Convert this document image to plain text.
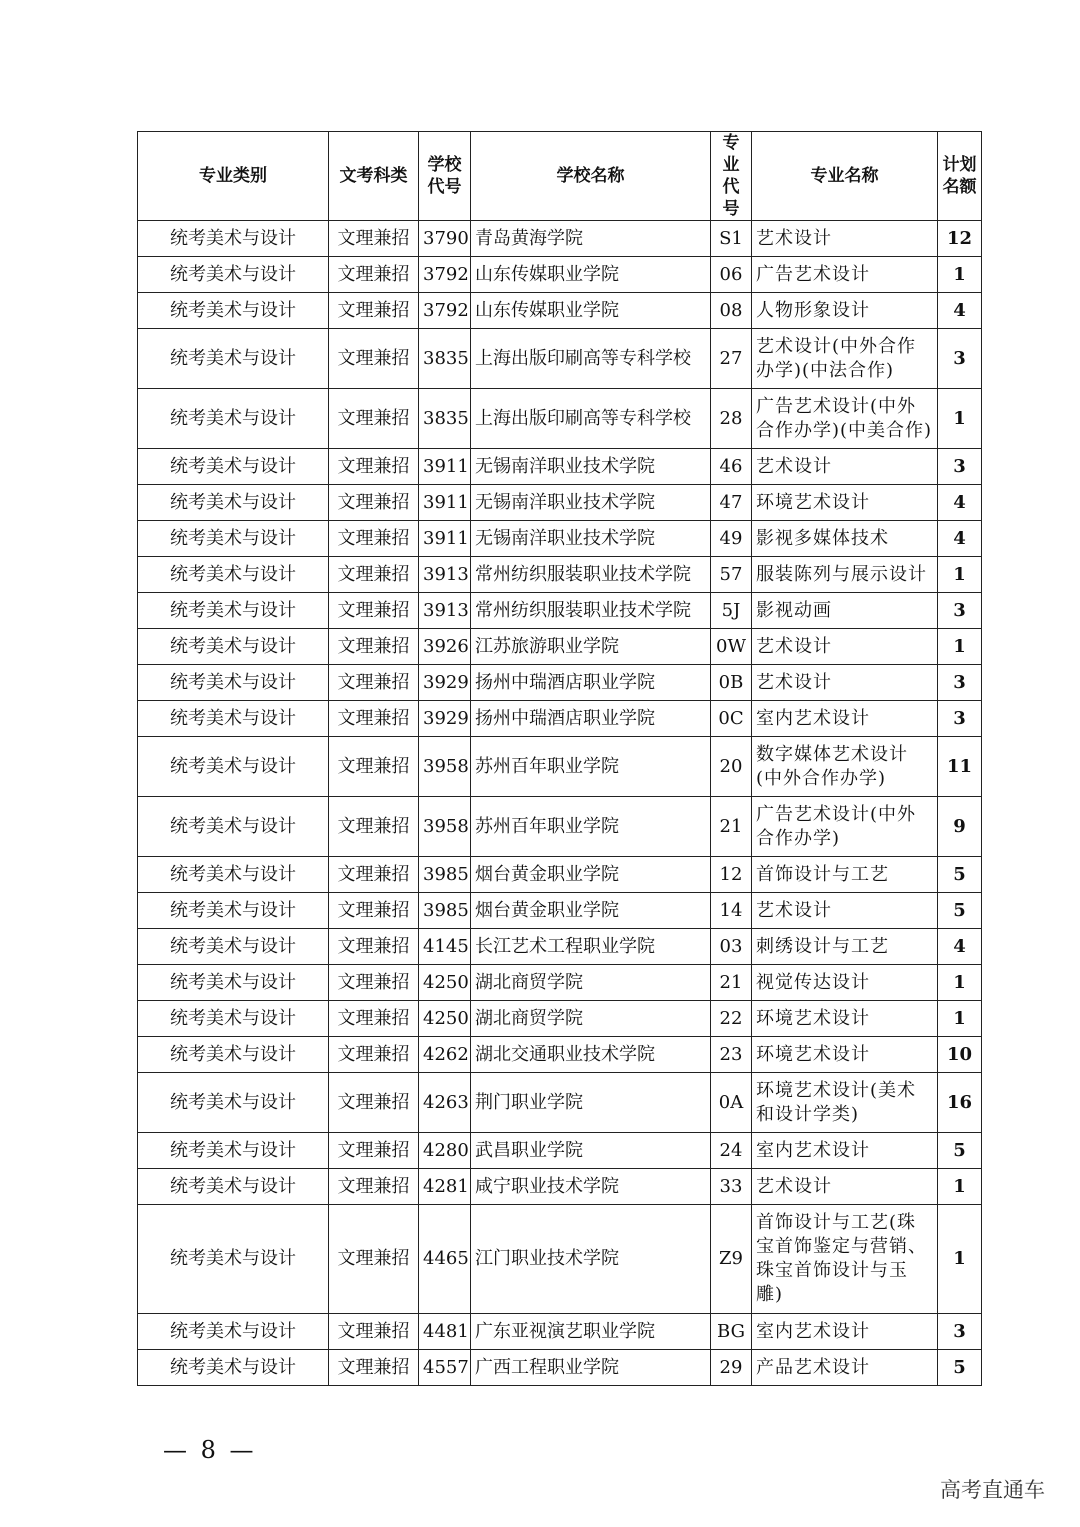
专业类别	文考科类	学校代号	学校名称	专业代号	专业名称	计划名额
统考美术与设计	文理兼招	3790	青岛黄海学院	S1	艺术设计	12
统考美术与设计	文理兼招	3792	山东传媒职业学院	06	广告艺术设计	1
统考美术与设计	文理兼招	3792	山东传媒职业学院	08	人物形象设计	4
统考美术与设计	文理兼招	3835	上海出版印刷高等专科学校	27	艺术设计(中外合作办学)(中法合作)	3
统考美术与设计	文理兼招	3835	上海出版印刷高等专科学校	28	广告艺术设计(中外合作办学)(中美合作)	1
统考美术与设计	文理兼招	3911	无锡南洋职业技术学院	46	艺术设计	3
统考美术与设计	文理兼招	3911	无锡南洋职业技术学院	47	环境艺术设计	4
统考美术与设计	文理兼招	3911	无锡南洋职业技术学院	49	影视多媒体技术	4
统考美术与设计	文理兼招	3913	常州纺织服装职业技术学院	57	服装陈列与展示设计	1
统考美术与设计	文理兼招	3913	常州纺织服装职业技术学院	5J	影视动画	3
统考美术与设计	文理兼招	3926	江苏旅游职业学院	0W	艺术设计	1
统考美术与设计	文理兼招	3929	扬州中瑞酒店职业学院	0B	艺术设计	3
统考美术与设计	文理兼招	3929	扬州中瑞酒店职业学院	0C	室内艺术设计	3
统考美术与设计	文理兼招	3958	苏州百年职业学院	20	数字媒体艺术设计(中外合作办学)	11
统考美术与设计	文理兼招	3958	苏州百年职业学院	21	广告艺术设计(中外合作办学)	9
统考美术与设计	文理兼招	3985	烟台黄金职业学院	12	首饰设计与工艺	5
统考美术与设计	文理兼招	3985	烟台黄金职业学院	14	艺术设计	5
统考美术与设计	文理兼招	4145	长江艺术工程职业学院	03	刺绣设计与工艺	4
统考美术与设计	文理兼招	4250	湖北商贸学院	21	视觉传达设计	1
统考美术与设计	文理兼招	4250	湖北商贸学院	22	环境艺术设计	1
统考美术与设计	文理兼招	4262	湖北交通职业技术学院	23	环境艺术设计	10
统考美术与设计	文理兼招	4263	荆门职业学院	0A	环境艺术设计(美术和设计学类)	16
统考美术与设计	文理兼招	4280	武昌职业学院	24	室内艺术设计	5
统考美术与设计	文理兼招	4281	咸宁职业技术学院	33	艺术设计	1
统考美术与设计	文理兼招	4465	江门职业技术学院	Z9	首饰设计与工艺(珠宝首饰鉴定与营销、珠宝首饰设计与玉雕)	1
统考美术与设计	文理兼招	4481	广东亚视演艺职业学院	BG	室内艺术设计	3
统考美术与设计	文理兼招	4557	广西工程职业学院	29	产品艺术设计	5
— 8 —
高考直通车
